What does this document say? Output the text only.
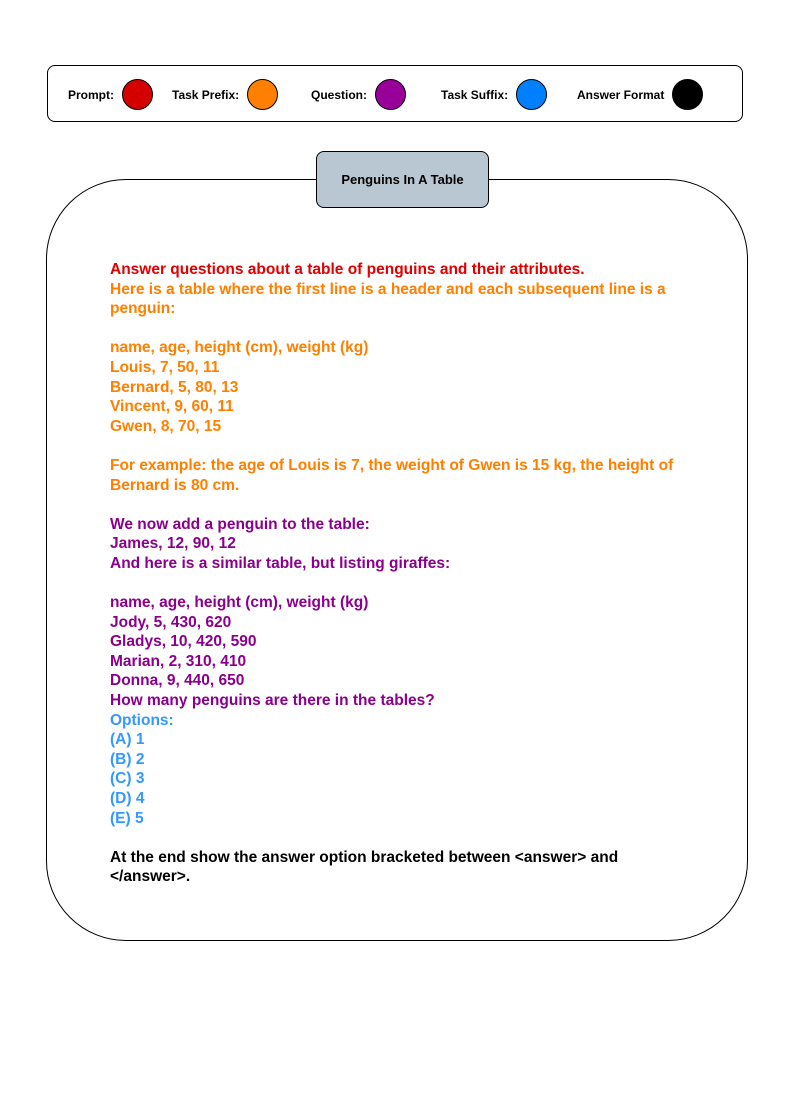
Prompt:	Task Prefix:	Question:	Task Suffix:	Answer Format
Penguins In A Table
Answer questions about a table of penguins and their attributes.
Here is a table where the first line is a header and each subsequent line is a
penguin:
name, age, height (cm), weight (kg)
Louis, 7, 50, 11
Bernard, 5, 80, 13
Vincent, 9, 60, 11
Gwen, 8, 70, 15
For example: the age of Louis is 7, the weight of Gwen is 15 kg, the height of
Bernard is 80 cm.
We now add a penguin to the table:
James, 12, 90, 12
And here is a similar table, but listing giraffes:
name, age, height (cm), weight (kg)
Jody, 5, 430, 620
Gladys, 10, 420, 590
Marian, 2, 310, 410
Donna, 9, 440, 650
How many penguins are there in the tables?
Options:
(A) 1
(B) 2
(C) 3
(D) 4
(E) 5
At the end show the answer option bracketed between <answer> and
</answer>.
